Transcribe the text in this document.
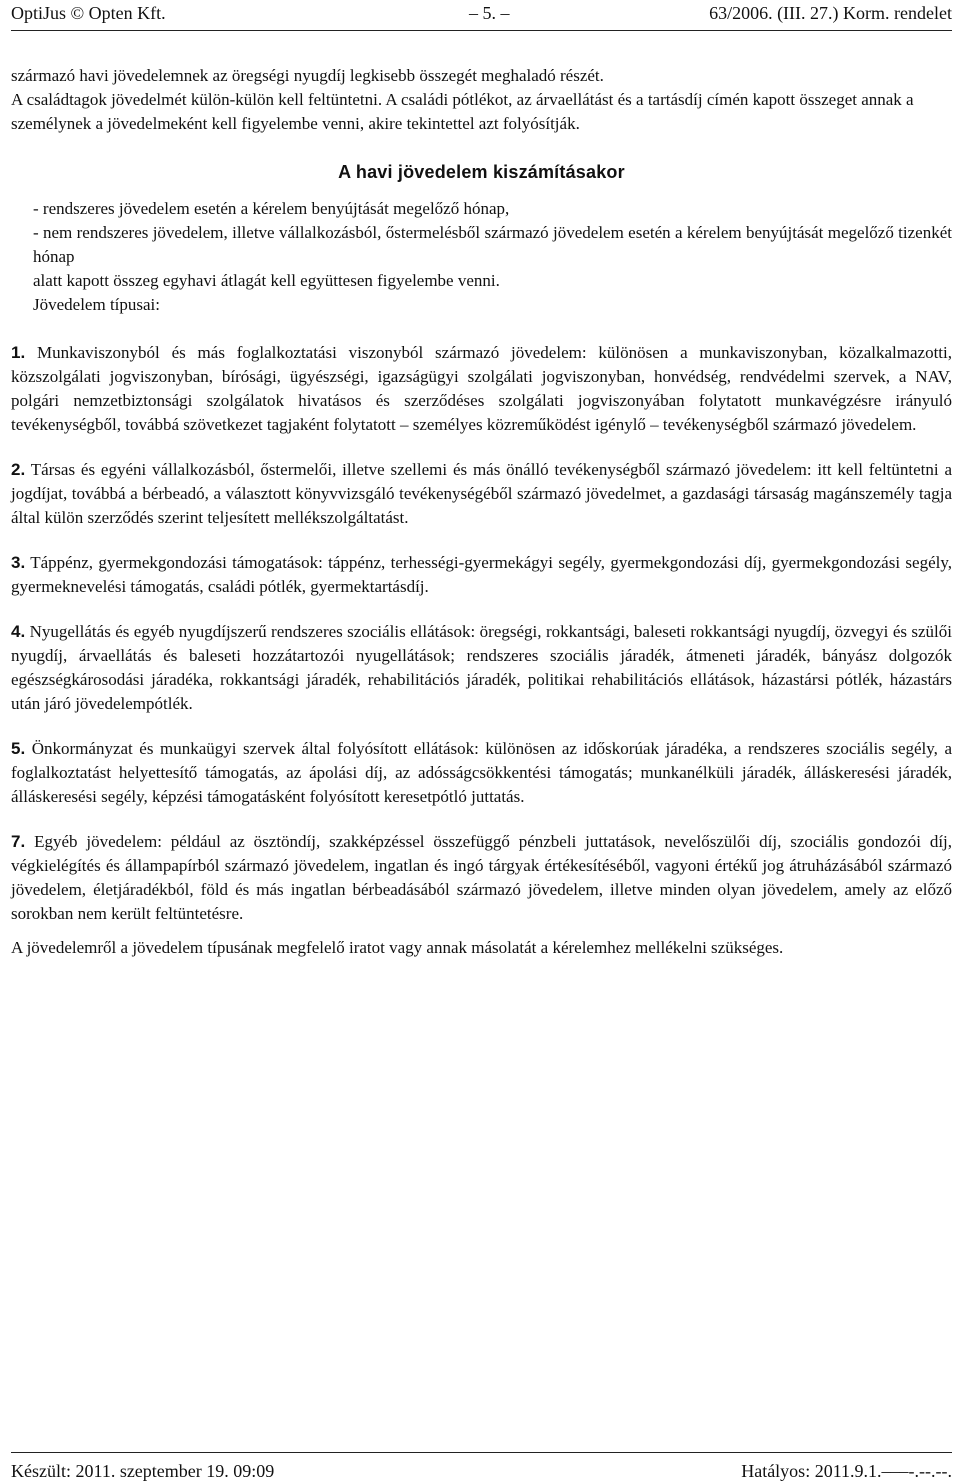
OptiJus © Opten Kft.	– 5. –	63/2006. (III. 27.) Korm. rendelet

származó havi jövedelemnek az öregségi nyugdíj legkisebb összegét meghaladó részét.

A családtagok jövedelmét külön-külön kell feltüntetni. A családi pótlékot, az árvaellátást és a tartásdíj címén kapott összeget annak a személynek a jövedelmeként kell figyelembe venni, akire tekintettel azt folyósítják.

A havi jövedelem kiszámításakor

- rendszeres jövedelem esetén a kérelem benyújtását megelőző hónap,

- nem rendszeres jövedelem, illetve vállalkozásból, őstermelésből származó jövedelem esetén a kérelem benyújtását megelőző tizenkét hónap

alatt kapott összeg egyhavi átlagát kell együttesen figyelembe venni.

Jövedelem típusai:

1. Munkaviszonyból és más foglalkoztatási viszonyból származó jövedelem: különösen a munkaviszonyban, közalkalmazotti, közszolgálati jogviszonyban, bírósági, ügyészségi, igazságügyi szolgálati jogviszonyban, honvédség, rendvédelmi szervek, a NAV, polgári nemzetbiztonsági szolgálatok hivatásos és szerződéses szolgálati jogviszonyában folytatott munkavégzésre irányuló tevékenységből, továbbá szövetkezet tagjaként folytatott – személyes közreműködést igénylő – tevékenységből származó jövedelem.

2. Társas és egyéni vállalkozásból, őstermelői, illetve szellemi és más önálló tevékenységből származó jövedelem: itt kell feltüntetni a jogdíjat, továbbá a bérbeadó, a választott könyvvizsgáló tevékenységéből származó jövedelmet, a gazdasági társaság magánszemély tagja által külön szerződés szerint teljesített mellékszolgáltatást.

3. Táppénz, gyermekgondozási támogatások: táppénz, terhességi-gyermekágyi segély, gyermekgondozási díj, gyermekgondozási segély, gyermeknevelési támogatás, családi pótlék, gyermektartásdíj.

4. Nyugellátás és egyéb nyugdíjszerű rendszeres szociális ellátások: öregségi, rokkantsági, baleseti rokkantsági nyugdíj, özvegyi és szülői nyugdíj, árvaellátás és baleseti hozzátartozói nyugellátások; rendszeres szociális járadék, átmeneti járadék, bányász dolgozók egészségkárosodási járadéka, rokkantsági járadék, rehabilitációs járadék, politikai rehabilitációs ellátások, házastársi pótlék, házastárs után járó jövedelempótlék.

5. Önkormányzat és munkaügyi szervek által folyósított ellátások: különösen az időskorúak járadéka, a rendszeres szociális segély, a foglalkoztatást helyettesítő támogatás, az ápolási díj, az adósságcsökkentési támogatás; munkanélküli járadék, álláskeresési járadék, álláskeresési segély, képzési támogatásként folyósított keresetpótló juttatás.

7. Egyéb jövedelem: például az ösztöndíj, szakképzéssel összefüggő pénzbeli juttatások, nevelőszülői díj, szociális gondozói díj, végkielégítés és állampapírból származó jövedelem, ingatlan és ingó tárgyak értékesítéséből, vagyoni értékű jog átruházásából származó jövedelem, életjáradékból, föld és más ingatlan bérbeadásából származó jövedelem, illetve minden olyan jövedelem, amely az előző sorokban nem került feltüntetésre.

A jövedelemről a jövedelem típusának megfelelő iratot vagy annak másolatát a kérelemhez mellékelni szükséges.

Készült: 2011. szeptember 19. 09:09	Hatályos: 2011.9.1.–––-.--.--.
